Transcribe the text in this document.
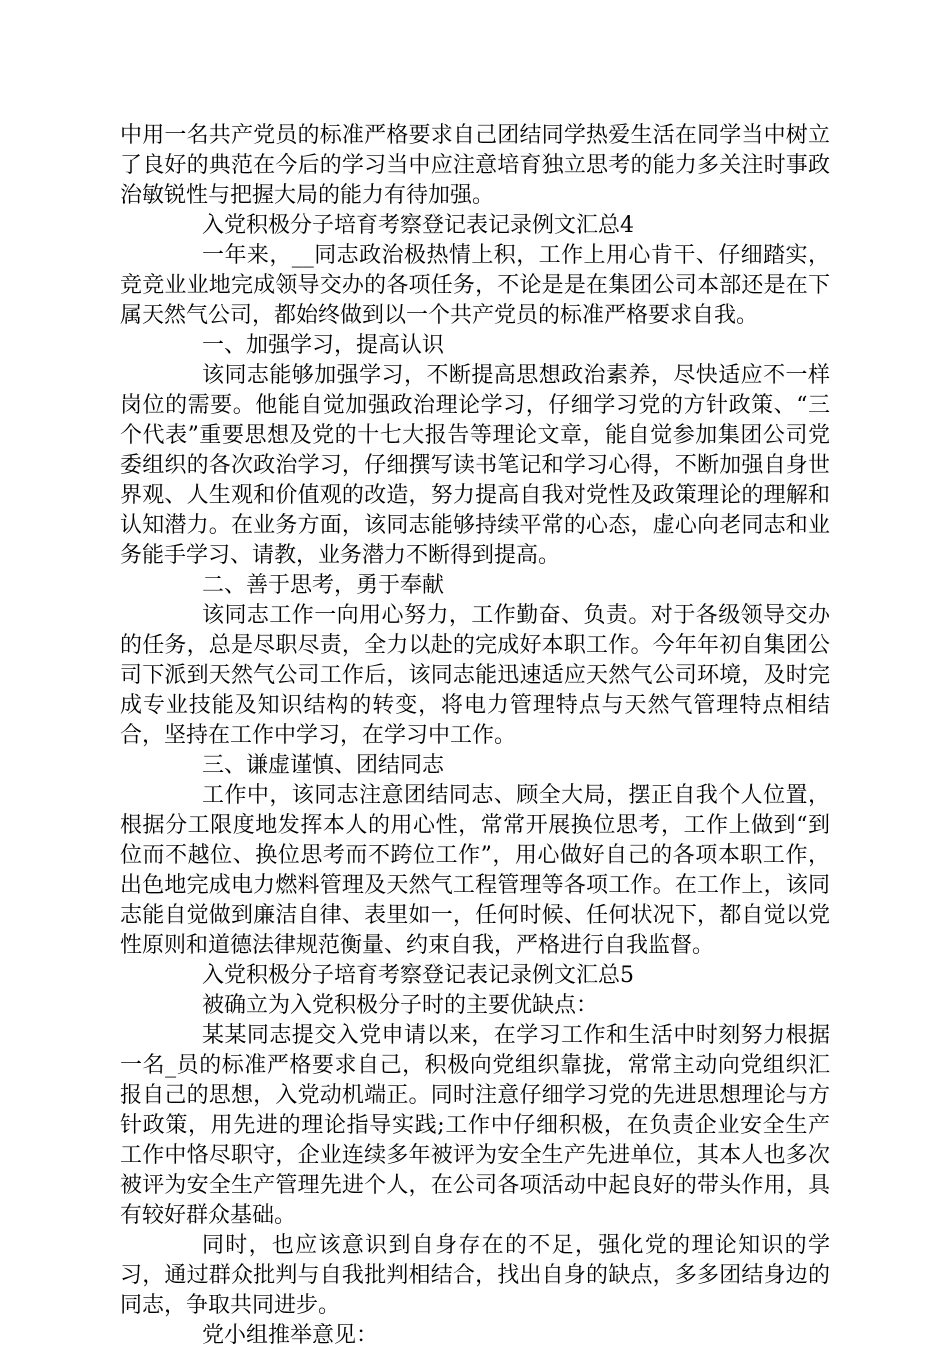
中用一名共产党员的标准严格要求自己团结同学热爱生活在同学当中树立了良好的典范在今后的学习当中应注意培育独立思考的能力多关注时事政治敏锐性与把握大局的能力有待加强。

入党积极分子培育考察登记表记录例文汇总4

一年来，__同志政治极热情上积，工作上用心肯干、仔细踏实，竞竞业业地完成领导交办的各项任务，不论是是在集团公司本部还是在下属天然气公司，都始终做到以一个共产党员的标准严格要求自我。

一、加强学习，提高认识

该同志能够加强学习，不断提高思想政治素养，尽快适应不一样岗位的需要。他能自觉加强政治理论学习，仔细学习党的方针政策、“三个代表”重要思想及党的十七大报告等理论文章，能自觉参加集团公司党委组织的各次政治学习，仔细撰写读书笔记和学习心得，不断加强自身世界观、人生观和价值观的改造，努力提高自我对党性及政策理论的理解和认知潜力。在业务方面，该同志能够持续平常的心态，虚心向老同志和业务能手学习、请教，业务潜力不断得到提高。

二、善于思考，勇于奉献

该同志工作一向用心努力，工作勤奋、负责。对于各级领导交办的任务，总是尽职尽责，全力以赴的完成好本职工作。今年年初自集团公司下派到天然气公司工作后，该同志能迅速适应天然气公司环境，及时完成专业技能及知识结构的转变，将电力管理特点与天然气管理特点相结合，坚持在工作中学习，在学习中工作。

三、谦虚谨慎、团结同志

工作中，该同志注意团结同志、顾全大局，摆正自我个人位置，根据分工限度地发挥本人的用心性，常常开展换位思考，工作上做到“到位而不越位、换位思考而不跨位工作”，用心做好自己的各项本职工作，出色地完成电力燃料管理及天然气工程管理等各项工作。在工作上，该同志能自觉做到廉洁自律、表里如一，任何时候、任何状况下，都自觉以党性原则和道德法律规范衡量、约束自我，严格进行自我监督。

入党积极分子培育考察登记表记录例文汇总5

被确立为入党积极分子时的主要优缺点：

某某同志提交入党申请以来，在学习工作和生活中时刻努力根据一名_员的标准严格要求自己，积极向党组织靠拢，常常主动向党组织汇报自己的思想，入党动机端正。同时注意仔细学习党的先进思想理论与方针政策，用先进的理论指导实践;工作中仔细积极，在负责企业安全生产工作中恪尽职守，企业连续多年被评为安全生产先进单位，其本人也多次被评为安全生产管理先进个人，在公司各项活动中起良好的带头作用，具有较好群众基础。

同时，也应该意识到自身存在的不足，强化党的理论知识的学习，通过群众批判与自我批判相结合，找出自身的缺点，多多团结身边的同志，争取共同进步。

党小组推举意见：
